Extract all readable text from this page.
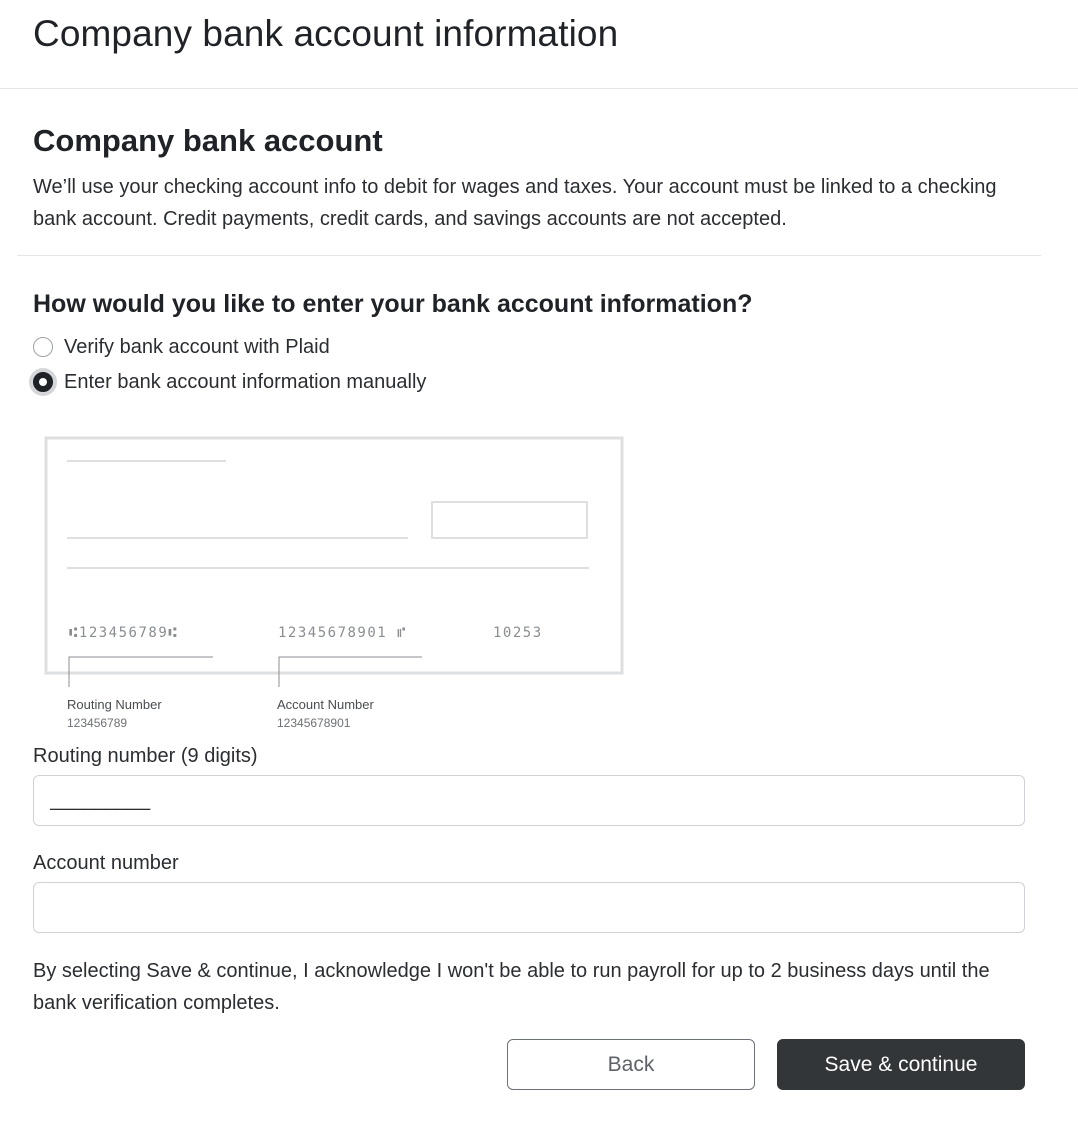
Company bank account information
Company bank account

We’ll use your checking account info to debit for wages and taxes. Your account must be linked to a checking bank account. Credit payments, credit cards, and savings accounts are not accepted.

How would you like to enter your bank account information?
Verify bank account with Plaid
Enter bank account information manually
⑆123456789⑆	12345678901 ⑈	10253
Routing Number
123456789
Account Number
12345678901
Routing number (9 digits)
_________
Account number

By selecting Save & continue, I acknowledge I won't be able to run payroll for up to 2 business days until the bank verification completes.

Back	Save & continue
